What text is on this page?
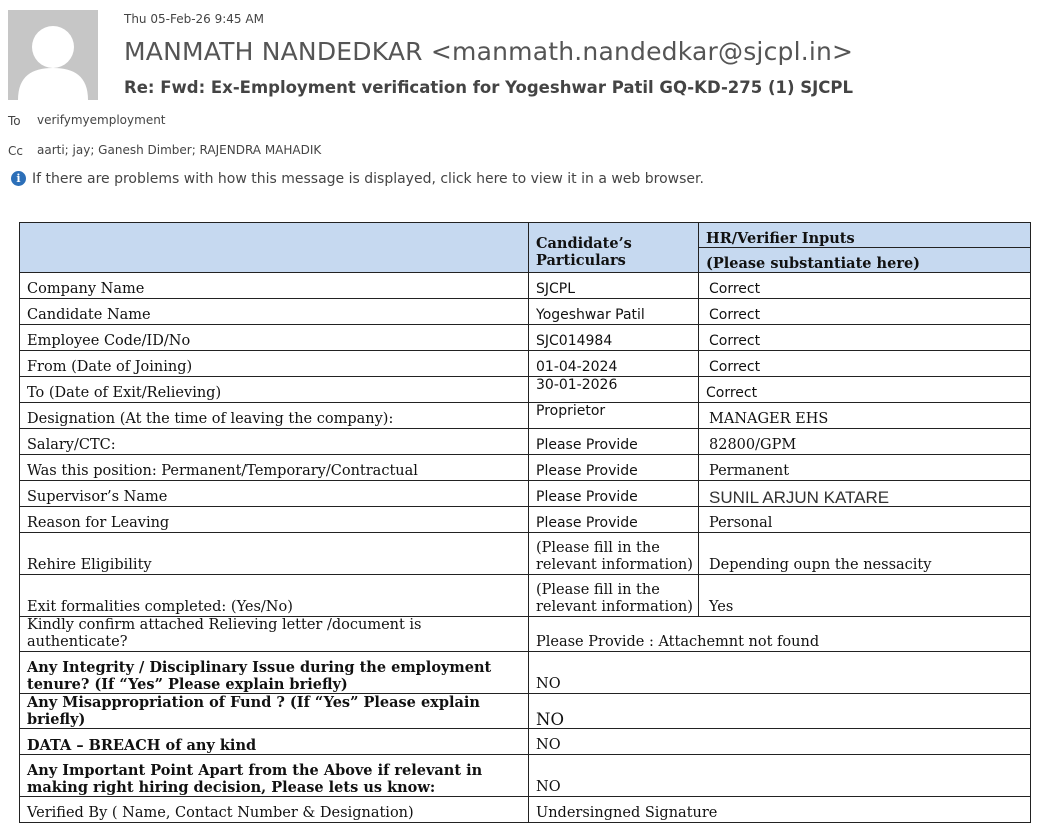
Thu 05-Feb-26 9:45 AM
MANMATH NANDEDKAR <manmath.nandedkar@sjcpl.in>
Re: Fwd: Ex-Employment verification for Yogeshwar Patil GQ-KD-275 (1) SJCPL
To verifymyemployment
Cc aarti; jay; Ganesh Dimber; RAJENDRA MAHADIK
i If there are problems with how this message is displayed, click here to view it in a web browser.
	Candidate’s Particulars	HR/Verifier Inputs
		(Please substantiate here)
Company Name	SJCPL	Correct
Candidate Name	Yogeshwar Patil	Correct
Employee Code/ID/No	SJC014984	Correct
From (Date of Joining)	01-04-2024	Correct
To (Date of Exit/Relieving)	30-01-2026	Correct
Designation (At the time of leaving the company):	Proprietor	MANAGER EHS
Salary/CTC:	Please Provide	82800/GPM
Was this position: Permanent/Temporary/Contractual	Please Provide	Permanent
Supervisor’s Name	Please Provide	SUNIL ARJUN KATARE
Reason for Leaving	Please Provide	Personal
Rehire Eligibility	(Please fill in the relevant information)	Depending oupn the nessacity
Exit formalities completed: (Yes/No)	(Please fill in the relevant information)	Yes
Kindly confirm attached Relieving letter /document is authenticate?	Please Provide : Attachemnt not found	
Any Integrity / Disciplinary Issue during the employment tenure? (If “Yes” Please explain briefly)	NO	
Any Misappropriation of Fund ? (If “Yes” Please explain briefly)	NO	
DATA – BREACH of any kind	NO	
Any Important Point Apart from the Above if relevant in making right hiring decision, Please lets us know:	NO	
Verified By ( Name, Contact Number & Designation)	Undersingned Signature	
